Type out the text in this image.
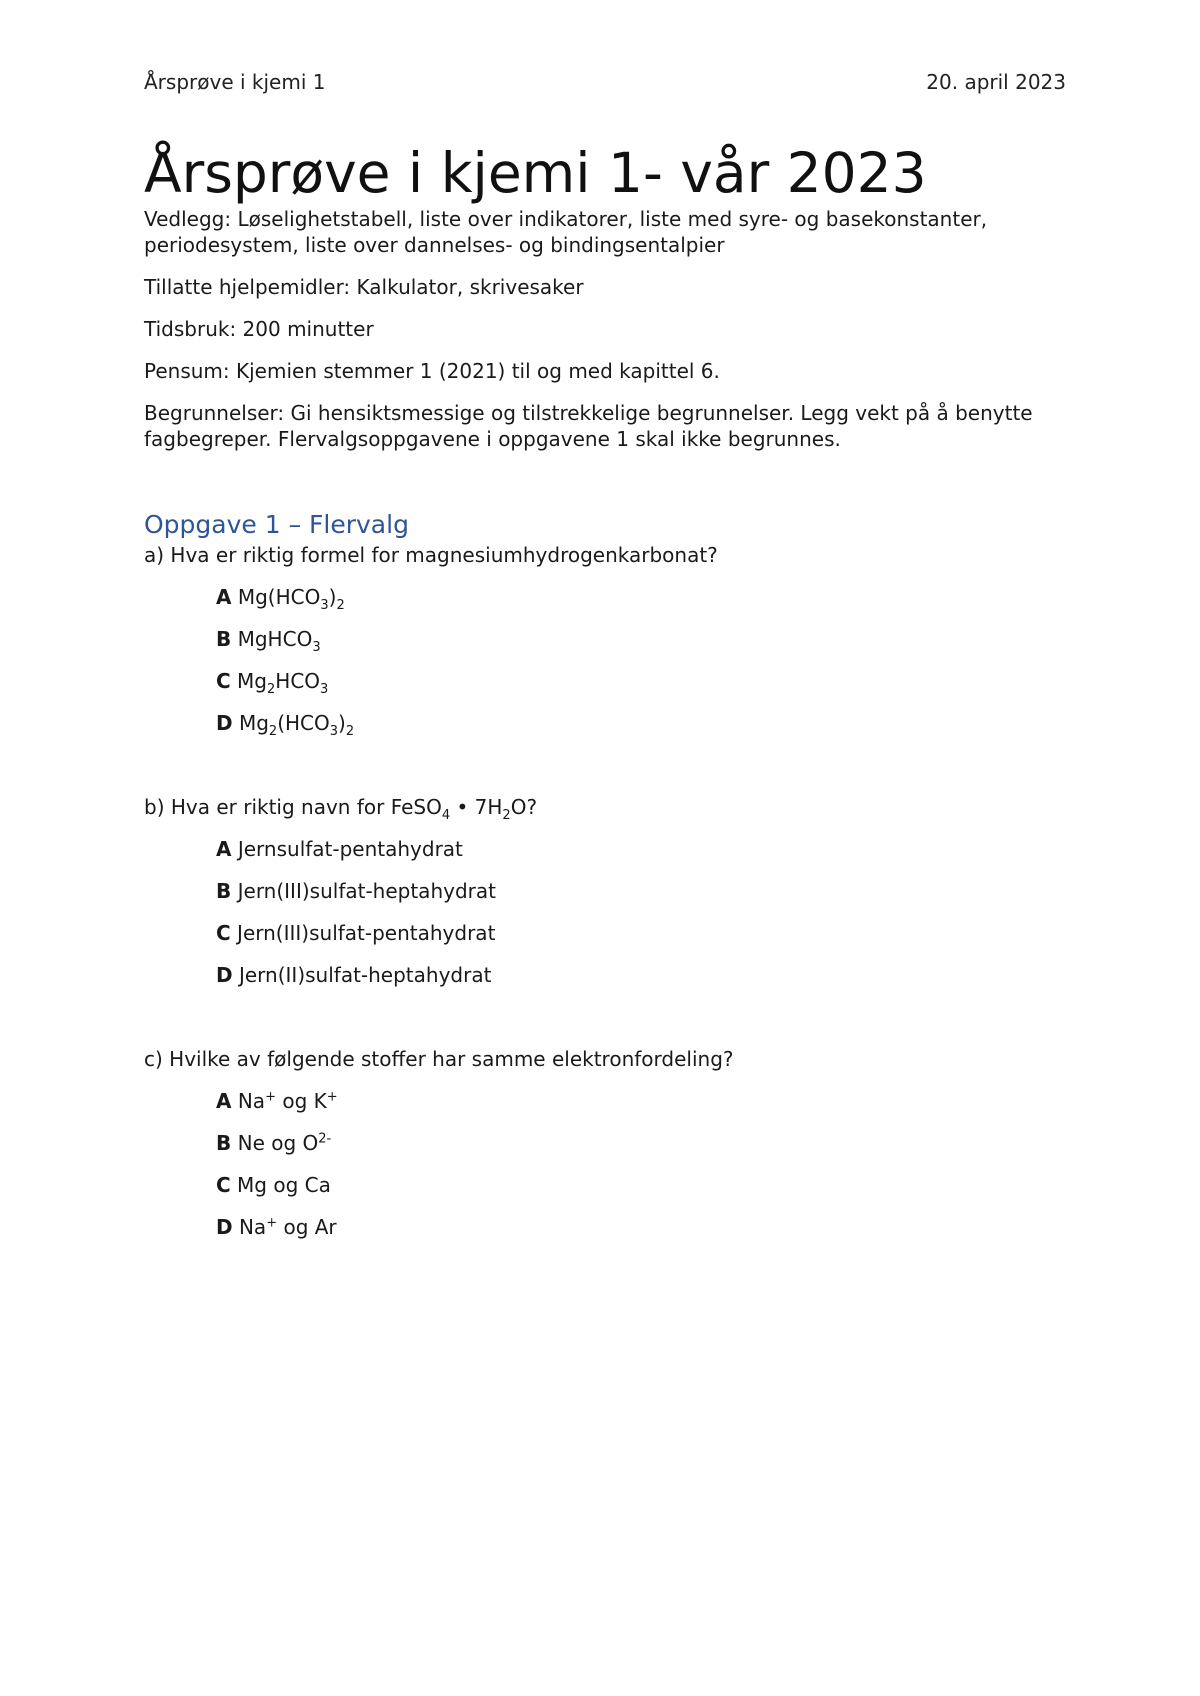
Årsprøve i kjemi 1	20. april 2023
Årsprøve i kjemi 1- vår 2023

Vedlegg: Løselighetstabell, liste over indikatorer, liste med syre- og basekonstanter, periodesystem, liste over dannelses- og bindingsentalpier

Tillatte hjelpemidler: Kalkulator, skrivesaker

Tidsbruk: 200 minutter

Pensum: Kjemien stemmer 1 (2021) til og med kapittel 6.

Begrunnelser: Gi hensiktsmessige og tilstrekkelige begrunnelser. Legg vekt på å benytte fagbegreper. Flervalgsoppgavene i oppgavene 1 skal ikke begrunnes.

Oppgave 1 – Flervalg
a) Hva er riktig formel for magnesiumhydrogenkarbonat?
A $Mg(HCO_3)_2$
B MgHCO$_3$
C $Mg_2HCO_3$
D $Mg_2(HCO_3)_2$
b) Hva er riktig navn for FeSO$_4$ • $7H_2O$?
A Jernsulfat-pentahydrat
B Jern(III)sulfat-heptahydrat
C Jern(III)sulfat-pentahydrat
D Jern(II)sulfat-heptahydrat
c) Hvilke av følgende stoffer har samme elektronfordeling?
A Na+ og K+
B Ne og $O^{2-}$
C Mg og Ca
D Na+ og Ar
